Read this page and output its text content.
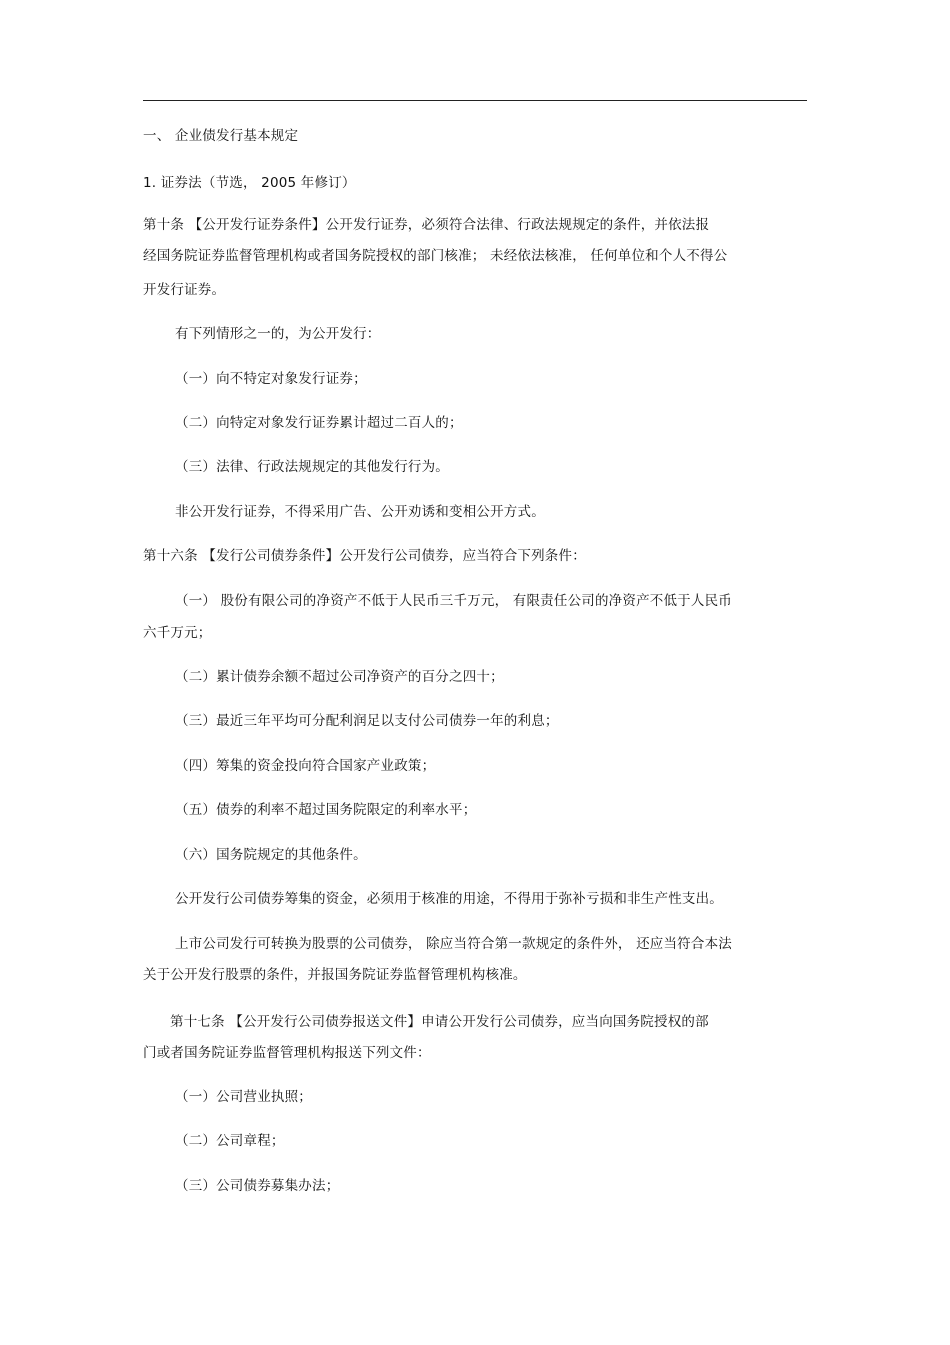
一、 企业债发行基本规定
1. 证券法（节选， 2005 年修订）
第十条 【公开发行证券条件】公开发行证券，必须符合法律、行政法规规定的条件，并依法报
经国务院证券监督管理机构或者国务院授权的部门核准； 未经依法核准， 任何单位和个人不得公
开发行证券。
有下列情形之一的，为公开发行：
（一）向不特定对象发行证券；
（二）向特定对象发行证券累计超过二百人的；
（三）法律、行政法规规定的其他发行行为。
非公开发行证券，不得采用广告、公开劝诱和变相公开方式。
第十六条 【发行公司债券条件】公开发行公司债券，应当符合下列条件：
（一） 股份有限公司的净资产不低于人民币三千万元， 有限责任公司的净资产不低于人民币
六千万元；
（二）累计债券余额不超过公司净资产的百分之四十；
（三）最近三年平均可分配利润足以支付公司债券一年的利息；
（四）筹集的资金投向符合国家产业政策；
（五）债券的利率不超过国务院限定的利率水平；
（六）国务院规定的其他条件。
公开发行公司债券筹集的资金，必须用于核准的用途，不得用于弥补亏损和非生产性支出。
上市公司发行可转换为股票的公司债券， 除应当符合第一款规定的条件外， 还应当符合本法
关于公开发行股票的条件，并报国务院证券监督管理机构核准。
第十七条 【公开发行公司债券报送文件】申请公开发行公司债券，应当向国务院授权的部
门或者国务院证券监督管理机构报送下列文件：
（一）公司营业执照；
（二）公司章程；
（三）公司债券募集办法；
